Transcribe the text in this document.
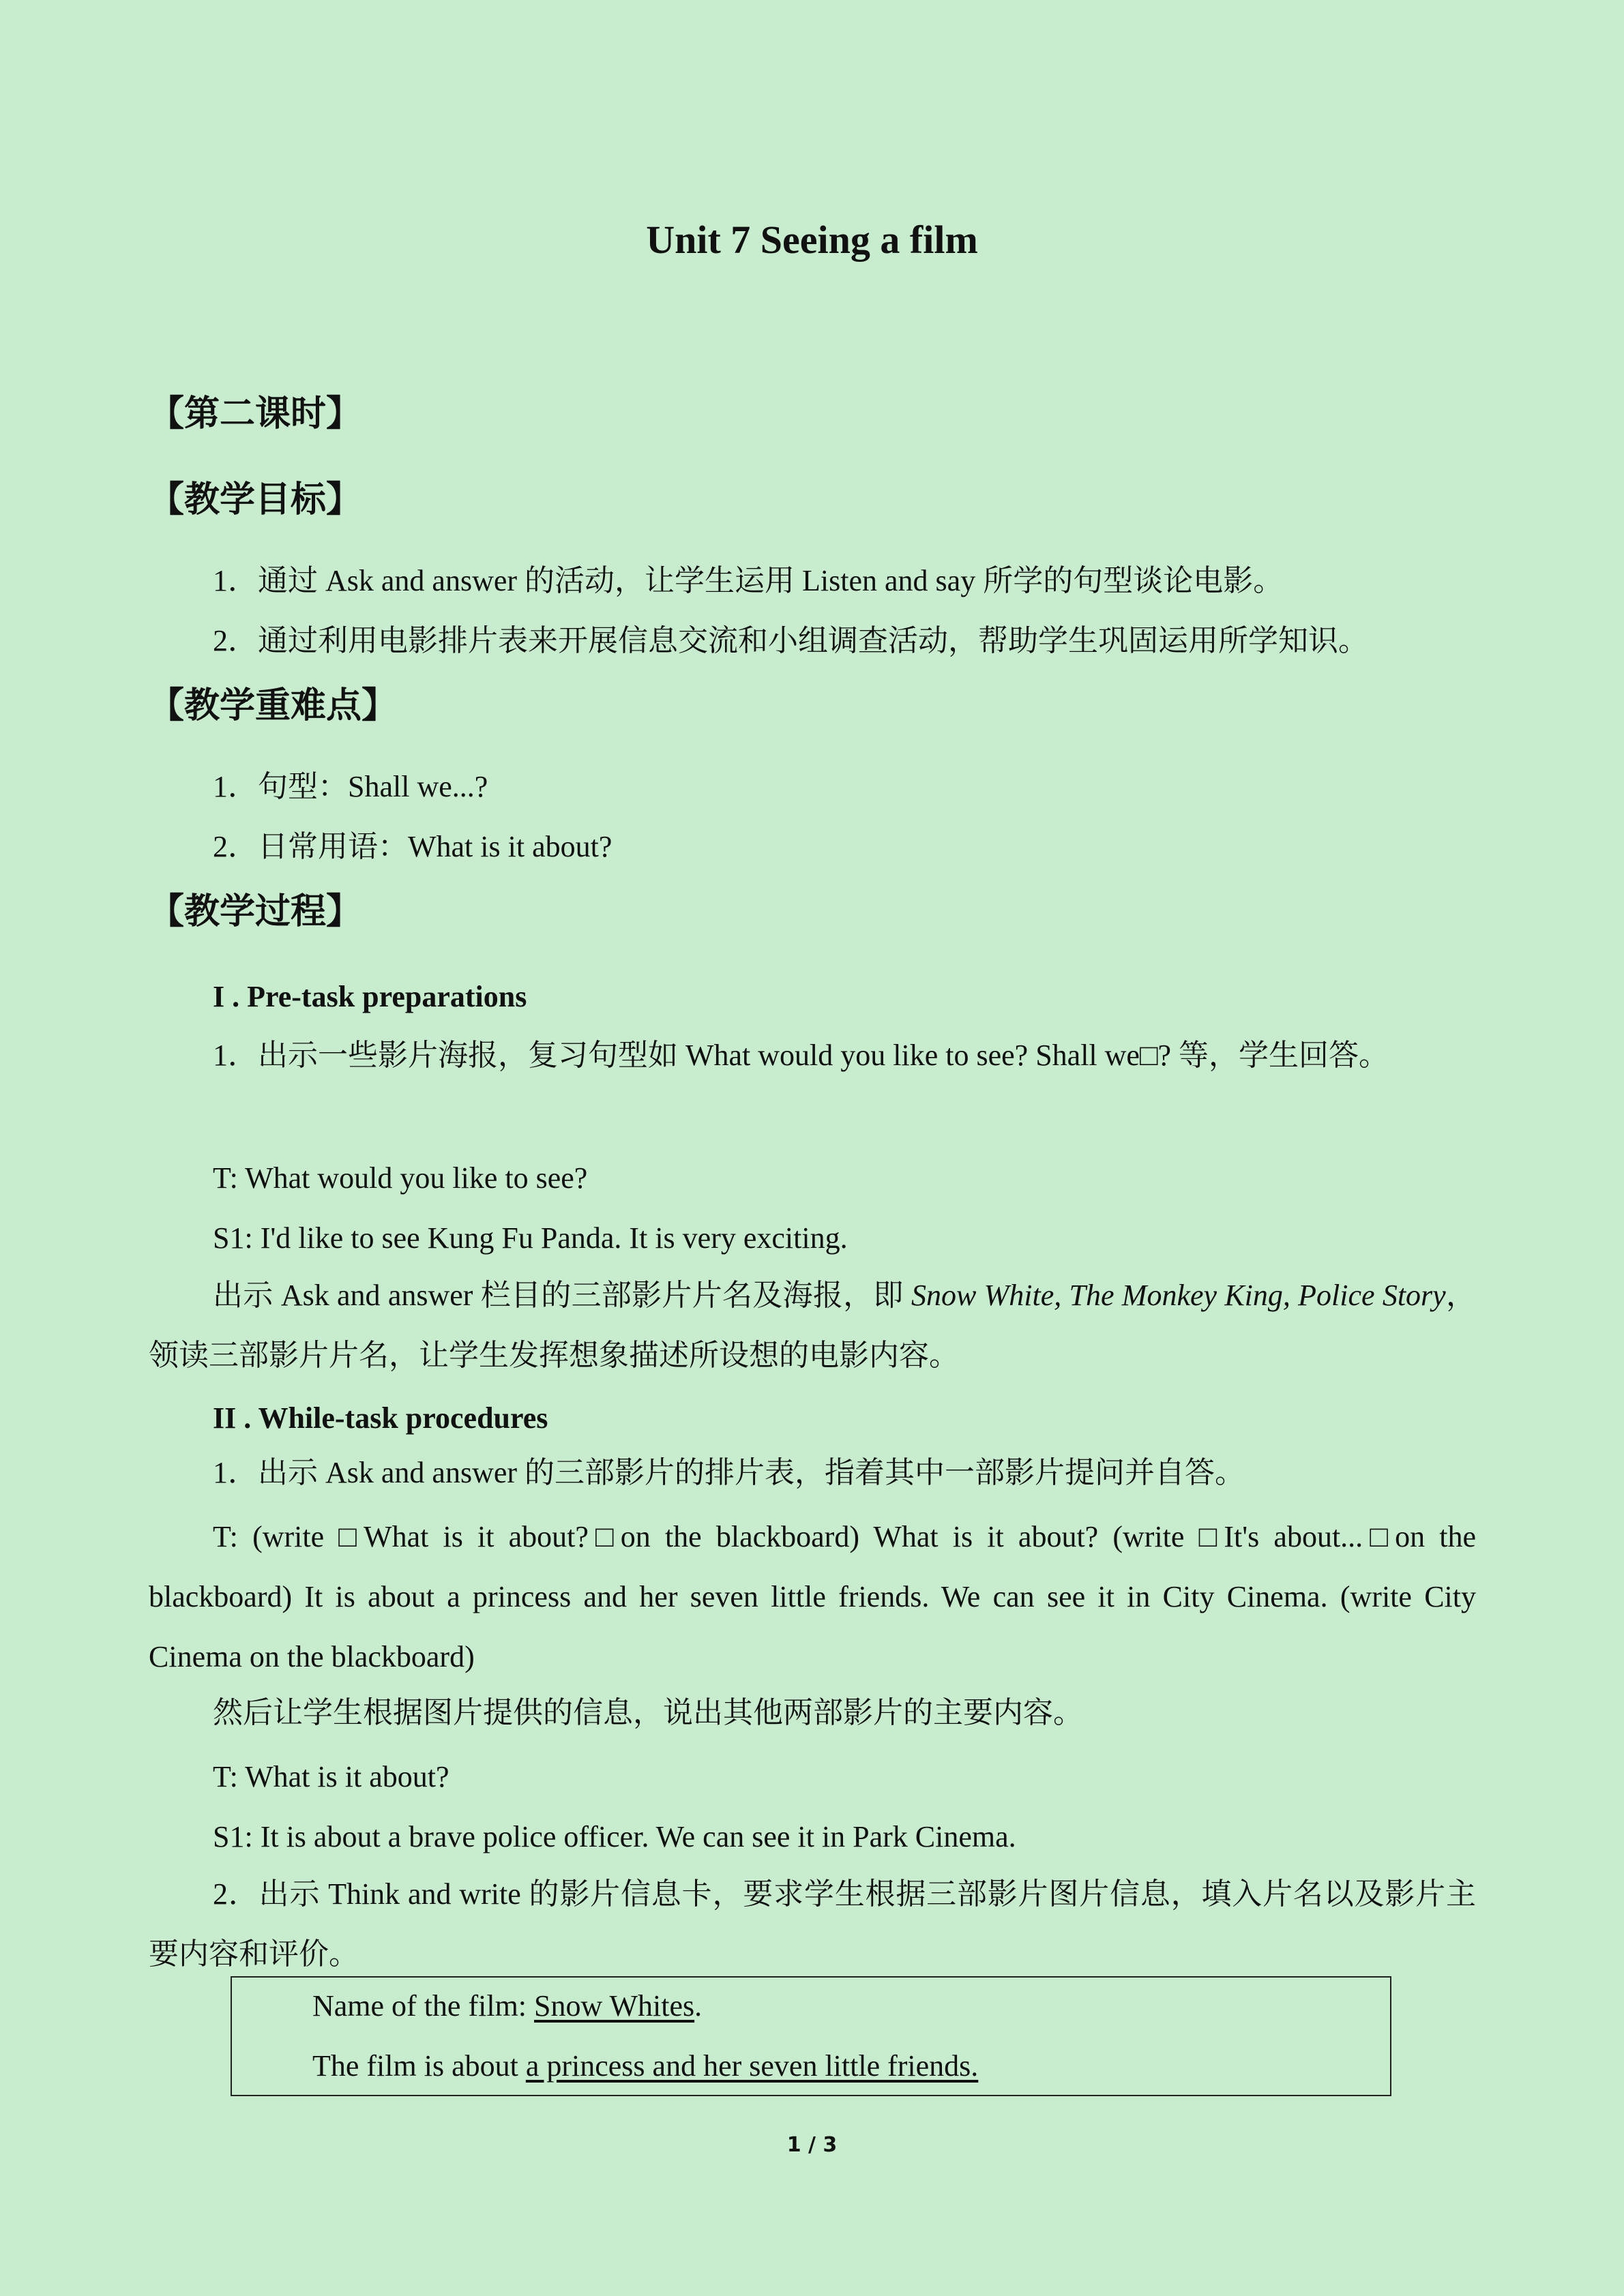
Unit 7 Seeing a film
【第二课时】
【教学目标】
1．通过 Ask and answer 的活动，让学生运用 Listen and say 所学的句型谈论电影。
2．通过利用电影排片表来开展信息交流和小组调查活动，帮助学生巩固运用所学知识。
【教学重难点】
1．句型：Shall we...?
2．日常用语：What is it about?
【教学过程】
I . Pre-task preparations
1．出示一些影片海报，复习句型如 What would you like to see? Shall we□? 等，学生回答。
T: What would you like to see?
S1: I'd like to see Kung Fu Panda. It is very exciting.
出示 Ask and answer 栏目的三部影片片名及海报，即 Snow White, The Monkey King, Police Story，领读三部影片片名，让学生发挥想象描述所设想的电影内容。
II . While-task procedures
1．出示 Ask and answer 的三部影片的排片表，指着其中一部影片提问并自答。
T: (write □What is it about?□on the blackboard) What is it about? (write □It's about...□on the blackboard) It is about a princess and her seven little friends. We can see it in City Cinema. (write City Cinema on the blackboard)
然后让学生根据图片提供的信息，说出其他两部影片的主要内容。
T: What is it about?
S1: It is about a brave police officer. We can see it in Park Cinema.
2．出示 Think and write 的影片信息卡，要求学生根据三部影片图片信息，填入片名以及影片主要内容和评价。
Name of the film: Snow Whites.
The film is about a princess and her seven little friends.
1 / 3
